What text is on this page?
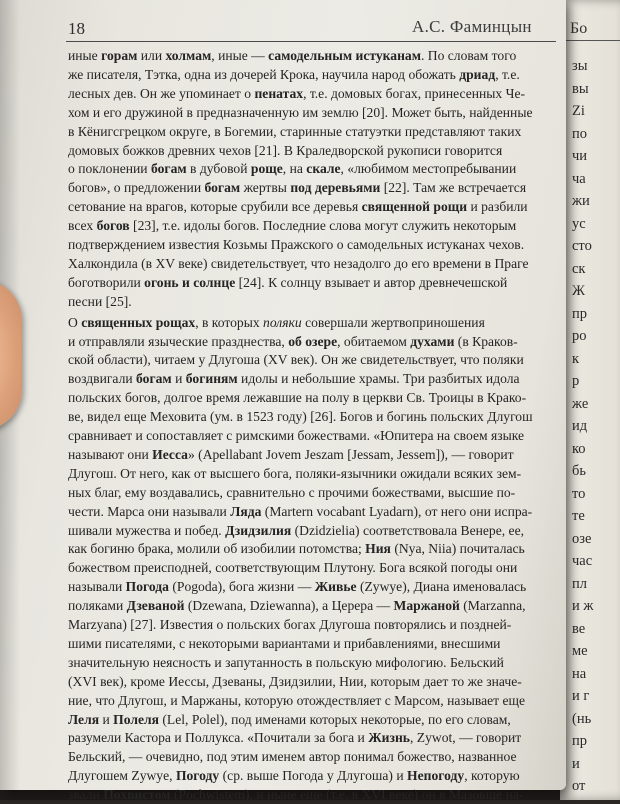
Бо
зы
вы
Zi
по
чи
ча
жи
ус
сто
ск
Ж
пр
ро
к
р
же
ид
ко
бь
то
те
озе
час
пл
и ж
ве
ме
на
и г
(нь
пр
и
от
18	А.С. Фаминцын
иные горам или холмам, иные — самодельным истуканам. По словам того
же писателя, Тэтка, одна из дочерей Крока, научила народ обожать дриад, т.е.
лесных дев. Он же упоминает о пенатах, т.е. домовых богах, принесенных Че-
хом и его дружиной в предназначенную им землю [20]. Может быть, найденные
в Кёнигсгрецком округе, в Богемии, старинные статуэтки представляют таких
домовых божков древних чехов [21]. В Краледворской рукописи говорится
о поклонении богам в дубовой роще, на скале, «любимом местопребывании
богов», о предложении богам жертвы под деревьями [22]. Там же встречается
сетование на врагов, которые срубили все деревья священной рощи и разбили
всех богов [23], т.е. идолы богов. Последние слова могут служить некоторым
подтверждением известия Козьмы Пражского о самодельных истуканах чехов.
Халкондила (в XV веке) свидетельствует, что незадолго до его времени в Праге
боготворили огонь и солнце [24]. К солнцу взывает и автор древнечешской
песни [25].
О священных рощах, в которых поляки совершали жертвоприношения
и отправляли языческие празднества, об озере, обитаемом духами (в Краков-
ской области), читаем у Длугоша (XV век). Он же свидетельствует, что поляки
воздвигали богам и богиням идолы и небольшие храмы. Три разбитых идола
польских богов, долгое время лежавшие на полу в церкви Св. Троицы в Крако-
ве, видел еще Меховита (ум. в 1523 году) [26]. Богов и богинь польских Длугош
сравнивает и сопоставляет с римскими божествами. «Юпитера на своем языке
называют они Иесса» (Apellabant Jovem Jeszam [Jessam, Jessem]), — говорит
Длугош. От него, как от высшего бога, поляки-язычники ожидали всяких зем-
ных благ, ему воздавались, сравнительно с прочими божествами, высшие по-
чести. Марса они называли Ляда (Martern vocabant Lyadarn), от него они испра-
шивали мужества и побед. Дзидзилия (Dzidzielia) соответствовала Венере, ее,
как богиню брака, молили об изобилии потомства; Ния (Nya, Niia) почиталась
божеством преисподней, соответствующим Плутону. Бога всякой погоды они
называли Погода (Pogoda), бога жизни — Живье (Zywye), Диана именовалась
поляками Дзеваной (Dzewana, Dziewanna), а Церера — Маржаной (Marzanna,
Marzyana) [27]. Известия о польских богах Длугоша повторялись и поздней-
шими писателями, с некоторыми вариантами и прибавлениями, внесшими
значительную неясность и запутанность в польскую мифологию. Бельский
(XVI век), кроме Иессы, Дзеваны, Дзидзилии, Нии, которым дает то же значе-
ние, что Длугош, и Маржаны, которую отождествляет с Марсом, называет еще
Леля и Полеля (Lel, Polel), под именами которых некоторые, по его словам,
разумели Кастора и Поллукса. «Почитали за бога и Жизнь, Zywot, — говорит
Бельский, — очевидно, под этим именем автор понимал божество, названное
Длугошем Zywye, Погоду (ср. выше Погода у Длугоша) и Непогоду, которую
звали Похвистом (Pochwistem), и ныне еще (т.е. в XVI веке) он в Мазовше на-
